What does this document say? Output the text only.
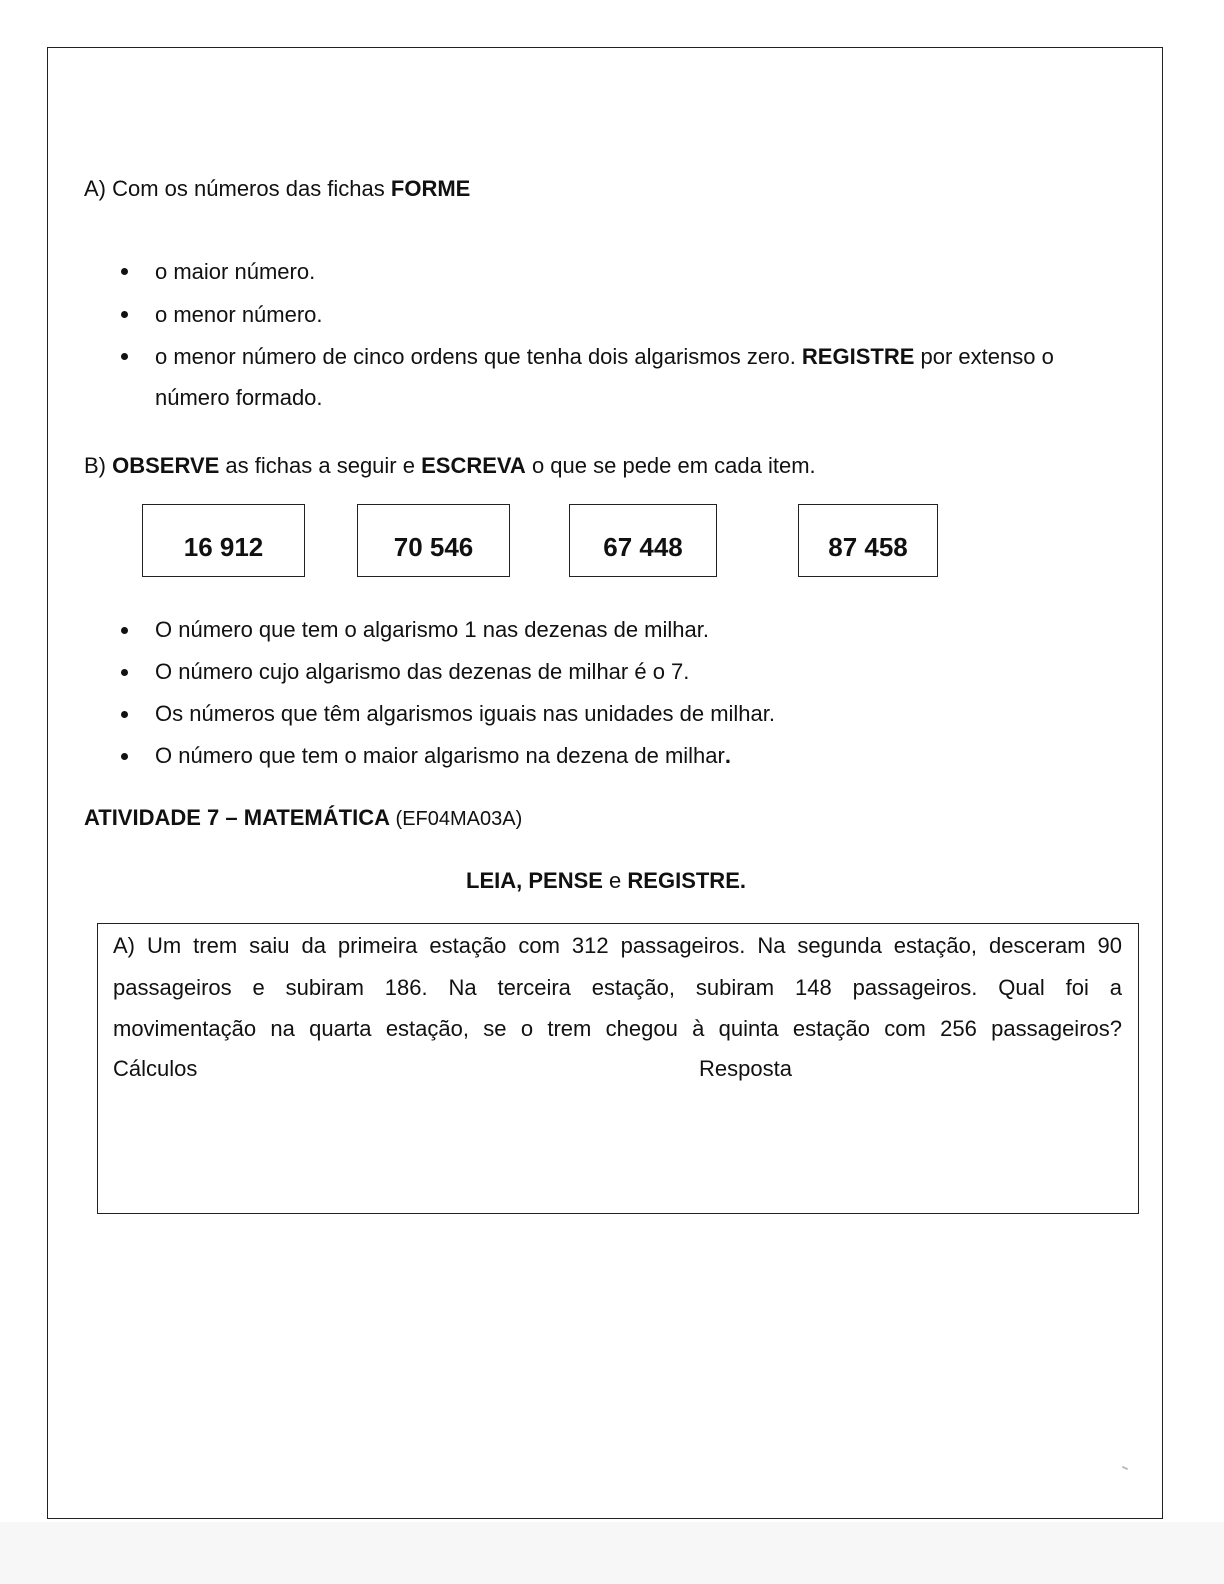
A) Com os números das fichas FORME
o maior número.
o menor número.
o menor número de cinco ordens que tenha dois algarismos zero. REGISTRE por extenso o
número formado.
B) OBSERVE as fichas a seguir e ESCREVA o que se pede em cada item.
16 912	70 546	67 448	87 458
O número que tem o algarismo 1 nas dezenas de milhar.
O número cujo algarismo das dezenas de milhar é o 7.
Os números que têm algarismos iguais nas unidades de milhar.
O número que tem o maior algarismo na dezena de milhar.
ATIVIDADE 7 – MATEMÁTICA (EF04MA03A)
LEIA, PENSE e REGISTRE.
A) Um trem saiu da primeira estação com 312 passageiros. Na segunda estação, desceram 90
passageiros e subiram 186. Na terceira estação, subiram 148 passageiros. Qual foi a
movimentação na quarta estação, se o trem chegou à quinta estação com 256 passageiros?
Cálculos	Resposta
